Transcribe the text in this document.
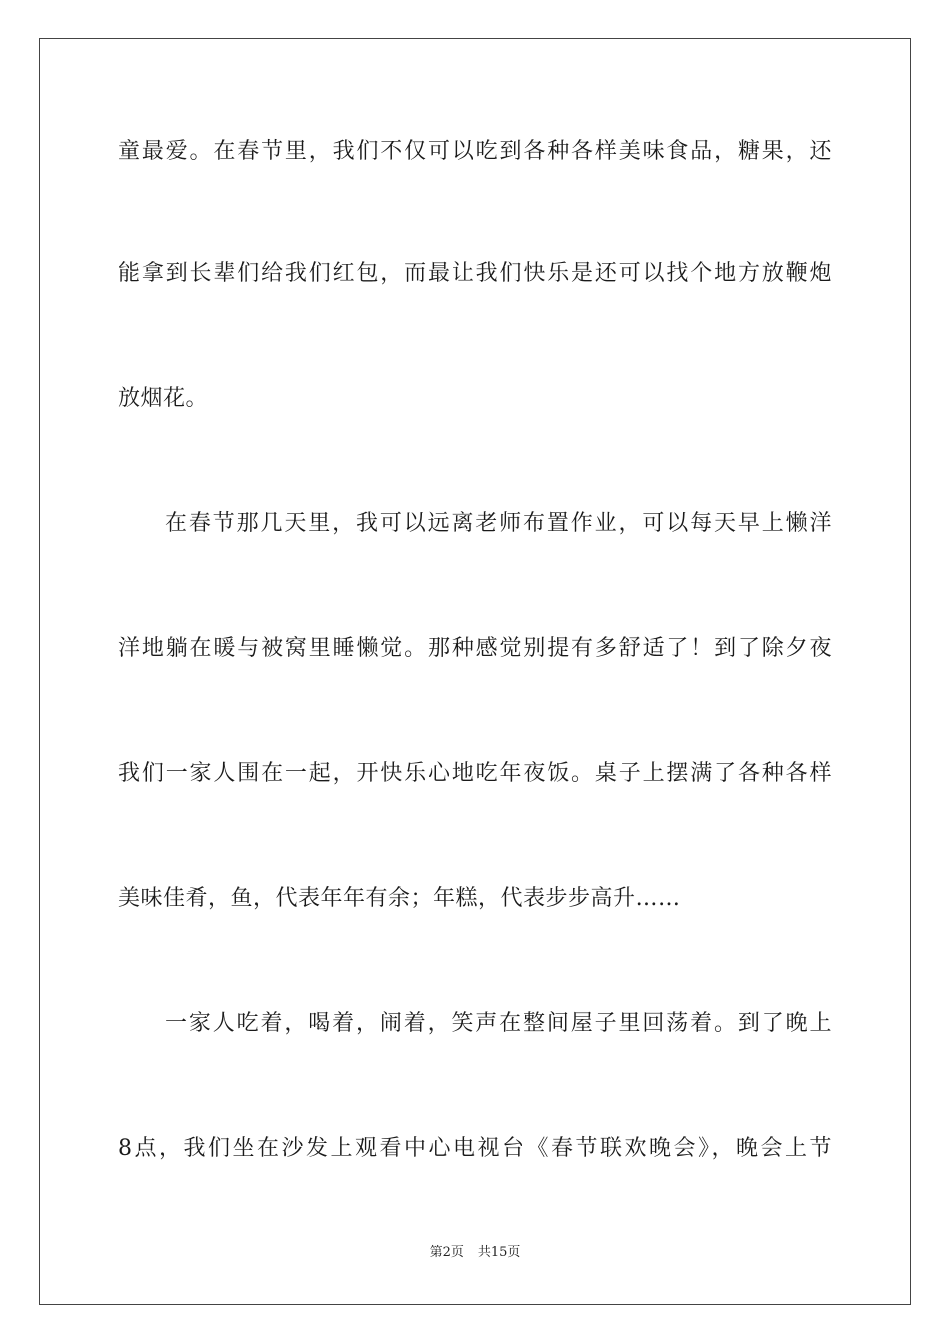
童最爱。在春节里，我们不仅可以吃到各种各样美味食品，糖果，还
能拿到长辈们给我们红包，而最让我们快乐是还可以找个地方放鞭炮
放烟花。
在春节那几天里，我可以远离老师布置作业，可以每天早上懒洋
洋地躺在暖与被窝里睡懒觉。那种感觉别提有多舒适了！到了除夕夜
我们一家人围在一起，开快乐心地吃年夜饭。桌子上摆满了各种各样
美味佳肴，鱼，代表年年有余；年糕，代表步步高升……
一家人吃着，喝着，闹着，笑声在整间屋子里回荡着。到了晚上
8点，我们坐在沙发上观看中心电视台《春节联欢晚会》，晚会上节
第2页 共15页
